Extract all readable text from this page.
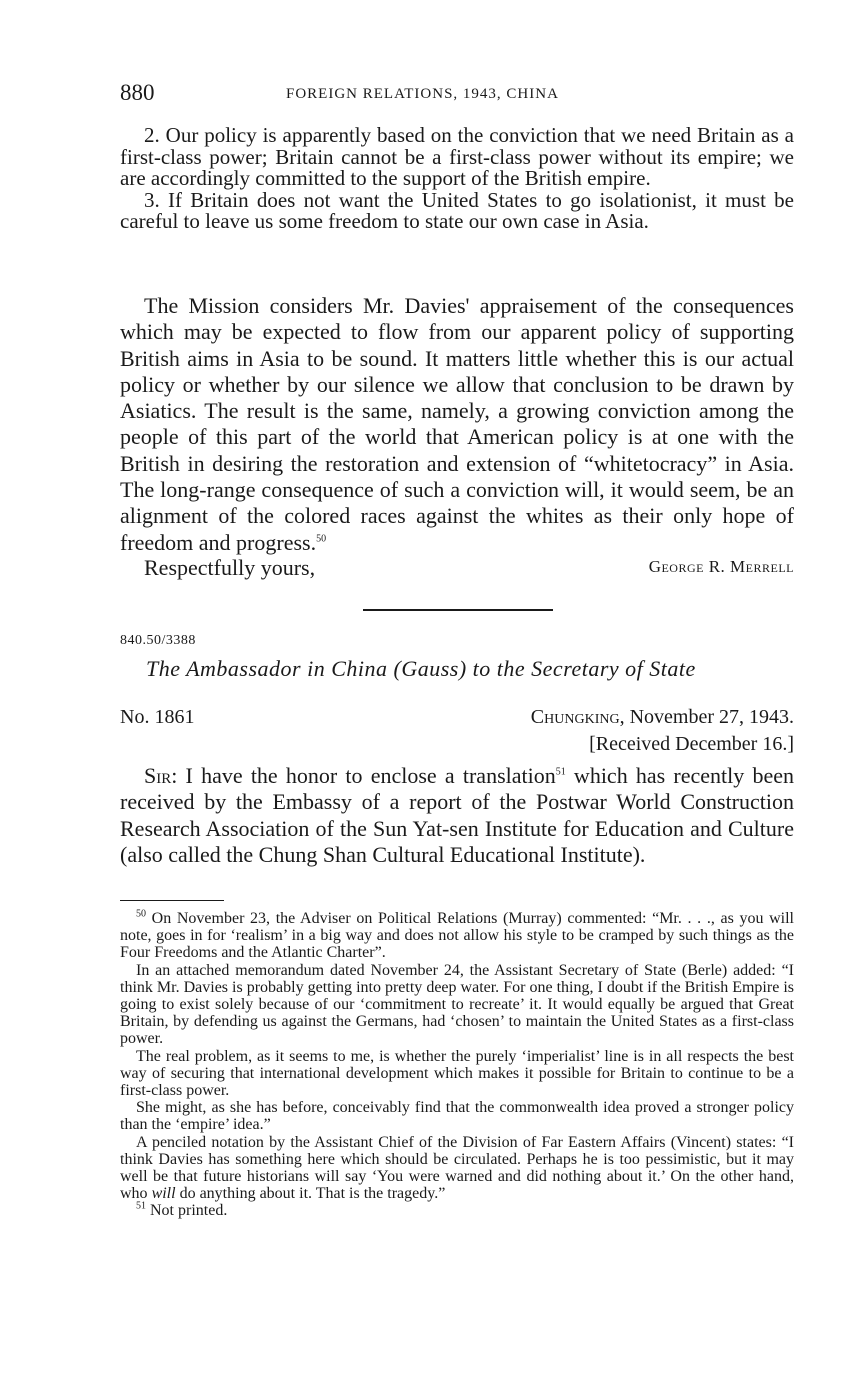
880	FOREIGN RELATIONS, 1943, CHINA

2. Our policy is apparently based on the conviction that we need Britain as a first-class power; Britain cannot be a first-class power without its empire; we are accordingly committed to the support of the British empire.

3. If Britain does not want the United States to go isolationist, it must be careful to leave us some freedom to state our own case in Asia.

The Mission considers Mr. Davies' appraisement of the consequences which may be expected to flow from our apparent policy of supporting British aims in Asia to be sound. It matters little whether this is our actual policy or whether by our silence we allow that conclusion to be drawn by Asiatics. The result is the same, namely, a growing conviction among the people of this part of the world that American policy is at one with the British in desiring the restoration and extension of “whitetocracy” in Asia. The long-range consequence of such a conviction will, it would seem, be an alignment of the colored races against the whites as their only hope of freedom and progress.$^{50}$

Respectfully yours,	George R. Merrell
840.50/3388
The Ambassador in China (Gauss) to the Secretary of State
No. 1861	Chungking, November 27, 1943.
[Received December 16.]

Sir: I have the honor to enclose a translation$^{51}$ which has recently been received by the Embassy of a report of the Postwar World Construction Research Association of the Sun Yat-sen Institute for Education and Culture (also called the Chung Shan Cultural Educational Institute).

$^{50}$ On November 23, the Adviser on Political Relations (Murray) commented: “Mr. . . ., as you will note, goes in for ‘realism’ in a big way and does not allow his style to be cramped by such things as the Four Freedoms and the Atlantic Charter”.

In an attached memorandum dated November 24, the Assistant Secretary of State (Berle) added: “I think Mr. Davies is probably getting into pretty deep water. For one thing, I doubt if the British Empire is going to exist solely because of our ‘commitment to recreate’ it. It would equally be argued that Great Britain, by defending us against the Germans, had ‘chosen’ to maintain the United States as a first-class power.

The real problem, as it seems to me, is whether the purely ‘imperialist’ line is in all respects the best way of securing that international development which makes it possible for Britain to continue to be a first-class power.

She might, as she has before, conceivably find that the commonwealth idea proved a stronger policy than the ‘empire’ idea.”

A penciled notation by the Assistant Chief of the Division of Far Eastern Affairs (Vincent) states: “I think Davies has something here which should be circulated. Perhaps he is too pessimistic, but it may well be that future historians will say ‘You were warned and did nothing about it.’ On the other hand, who will do anything about it. That is the tragedy.”

$^{51}$ Not printed.
